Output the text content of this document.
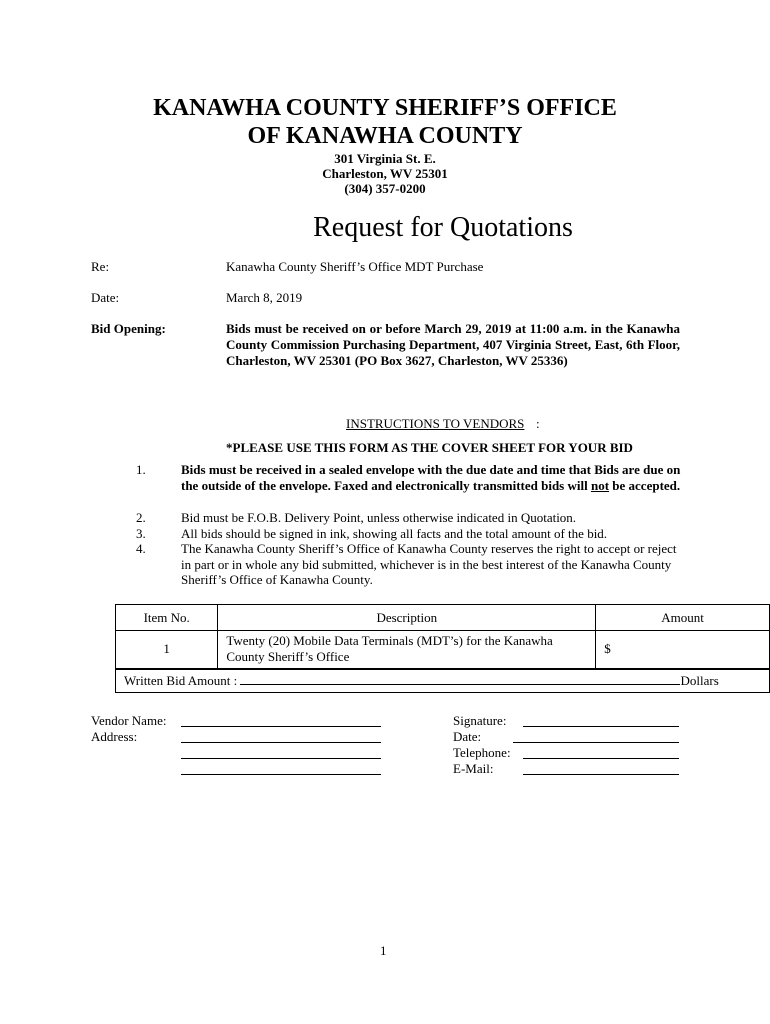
KANAWHA COUNTY SHERIFF’S OFFICE
OF KANAWHA COUNTY
301 Virginia St. E.
Charleston, WV 25301
(304) 357-0200
Request for Quotations
Re:	Kanawha County Sheriff’s Office MDT Purchase
Date:	March 8, 2019
Bid Opening:	Bids must be received on or before March 29, 2019 at 11:00 a.m. in the Kanawha County Commission Purchasing Department, 407 Virginia Street, East, 6th Floor, Charleston, WV 25301 (PO Box 3627, Charleston, WV 25336)
INSTRUCTIONS TO VENDORS :
*PLEASE USE THIS FORM AS THE COVER SHEET FOR YOUR BID
1.	Bids must be received in a sealed envelope with the due date and time that Bids are due on the outside of the envelope. Faxed and electronically transmitted bids will not be accepted.
2.	Bid must be F.O.B. Delivery Point, unless otherwise indicated in Quotation.
3.	All bids should be signed in ink, showing all facts and the total amount of the bid.
4.	The Kanawha County Sheriff’s Office of Kanawha County reserves the right to accept or reject in part or in whole any bid submitted, whichever is in the best interest of the Kanawha County Sheriff’s Office of Kanawha County.
Item No.	Description	Amount
1	Twenty (20) Mobile Data Terminals (MDT’s) for the Kanawha County Sheriff’s Office	$
Written Bid Amount : Dollars		
Vendor Name:
Address:
Signature:
Date:
Telephone:
E-Mail:
1
